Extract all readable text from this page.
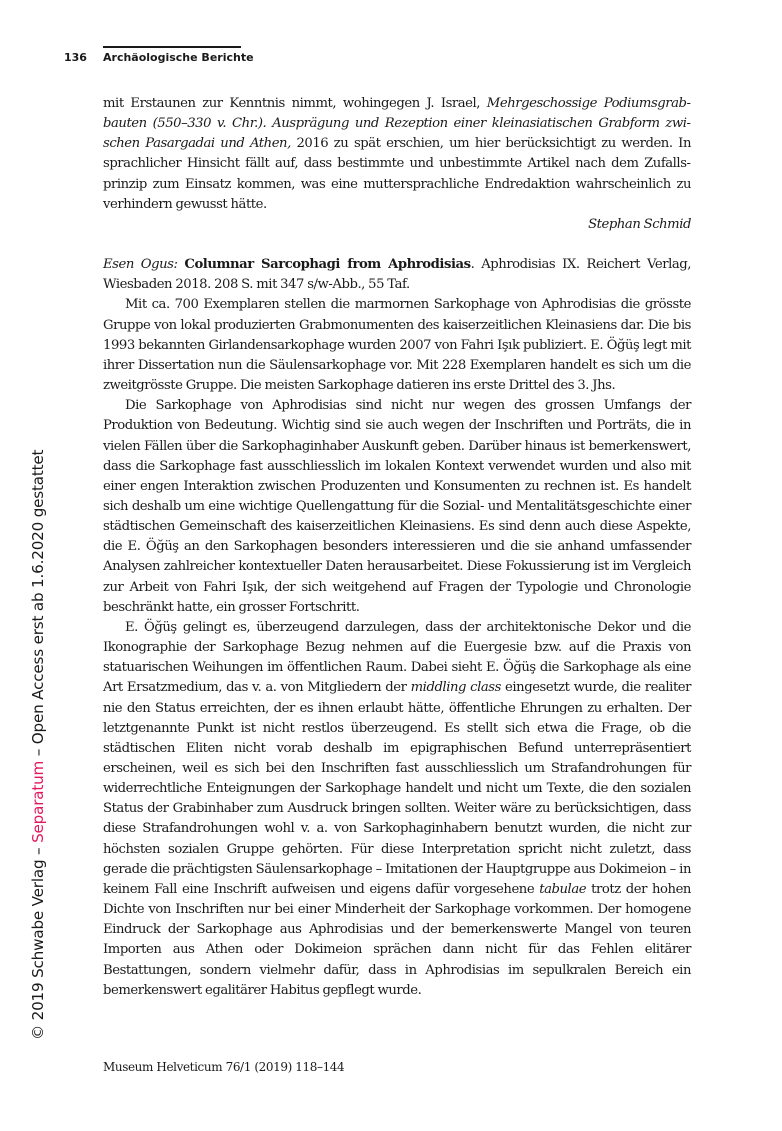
136 Archäologische Berichte

mit Erstaunen zur Kenntnis nimmt, wohingegen J. Israel, Mehrgeschossige Podiumsgrabbauten (550–330 v. Chr.). Ausprägung und Rezeption einer kleinasiatischen Grabform zwischen Pasargadai und Athen, 2016 zu spät erschien, um hier berücksichtigt zu werden. In sprachlicher Hinsicht fällt auf, dass bestimmte und unbestimmte Artikel nach dem Zufallsprinzip zum Einsatz kommen, was eine muttersprachliche Endredaktion wahrscheinlich zu verhindern gewusst hätte.

Stephan Schmid

Esen Ogus: Columnar Sarcophagi from Aphrodisias. Aphrodisias IX. Reichert Verlag, Wiesbaden 2018. 208 S. mit 347 s/w-Abb., 55 Taf.

Mit ca. 700 Exemplaren stellen die marmornen Sarkophage von Aphrodisias die grösste Gruppe von lokal produzierten Grabmonumenten des kaiserzeitlichen Kleinasiens dar. Die bis 1993 bekannten Girlandensarkophage wurden 2007 von Fahri Işık publiziert. E. Öğüş legt mit ihrer Dissertation nun die Säulensarkophage vor. Mit 228 Exemplaren handelt es sich um die zweitgrösste Gruppe. Die meisten Sarkophage datieren ins erste Drittel des 3. Jhs.

Die Sarkophage von Aphrodisias sind nicht nur wegen des grossen Umfangs der Produktion von Bedeutung. Wichtig sind sie auch wegen der Inschriften und Porträts, die in vielen Fällen über die Sarkophaginhaber Auskunft geben. Darüber hinaus ist bemerkenswert, dass die Sarkophage fast ausschliesslich im lokalen Kontext verwendet wurden und also mit einer engen Interaktion zwischen Produzenten und Konsumenten zu rechnen ist. Es handelt sich deshalb um eine wichtige Quellengattung für die Sozial- und Mentalitätsgeschichte einer städtischen Gemeinschaft des kaiserzeitlichen Kleinasiens. Es sind denn auch diese Aspekte, die E. Öğüş an den Sarkophagen besonders interessieren und die sie anhand umfassender Analysen zahlreicher kontextueller Daten herausarbeitet. Diese Fokussierung ist im Vergleich zur Arbeit von Fahri Işık, der sich weitgehend auf Fragen der Typologie und Chronologie beschränkt hatte, ein grosser Fortschritt.

E. Öğüş gelingt es, überzeugend darzulegen, dass der architektonische Dekor und die Ikonographie der Sarkophage Bezug nehmen auf die Euergesie bzw. auf die Praxis von statuarischen Weihungen im öffentlichen Raum. Dabei sieht E. Öğüş die Sarkophage als eine Art Ersatzmedium, das v. a. von Mitgliedern der middling class eingesetzt wurde, die realiter nie den Status erreichten, der es ihnen erlaubt hätte, öffentliche Ehrungen zu erhalten. Der letztgenannte Punkt ist nicht restlos überzeugend. Es stellt sich etwa die Frage, ob die städtischen Eliten nicht vorab deshalb im epigraphischen Befund unterrepräsentiert erscheinen, weil es sich bei den Inschriften fast ausschliesslich um Strafandrohungen für widerrechtliche Enteignungen der Sarkophage handelt und nicht um Texte, die den sozialen Status der Grabinhaber zum Ausdruck bringen sollten. Weiter wäre zu berücksichtigen, dass diese Strafandrohungen wohl v. a. von Sarkophaginhabern benutzt wurden, die nicht zur höchsten sozialen Gruppe gehörten. Für diese Interpretation spricht nicht zuletzt, dass gerade die prächtigsten Säulensarkophage – Imitationen der Hauptgruppe aus Dokimeion – in keinem Fall eine Inschrift aufweisen und eigens dafür vorgesehene tabulae trotz der hohen Dichte von Inschriften nur bei einer Minderheit der Sarkophage vorkommen. Der homogene Eindruck der Sarkophage aus Aphrodisias und der bemerkenswerte Mangel von teuren Importen aus Athen oder Dokimeion sprächen dann nicht für das Fehlen elitärer Bestattungen, sondern vielmehr dafür, dass in Aphrodisias im sepulkralen Bereich ein bemerkenswert egalitärer Habitus gepflegt wurde.

Museum Helveticum 76/1 (2019) 118–144
© 2019 Schwabe Verlag – Separatum – Open Access erst ab 1.6.2020 gestattet
